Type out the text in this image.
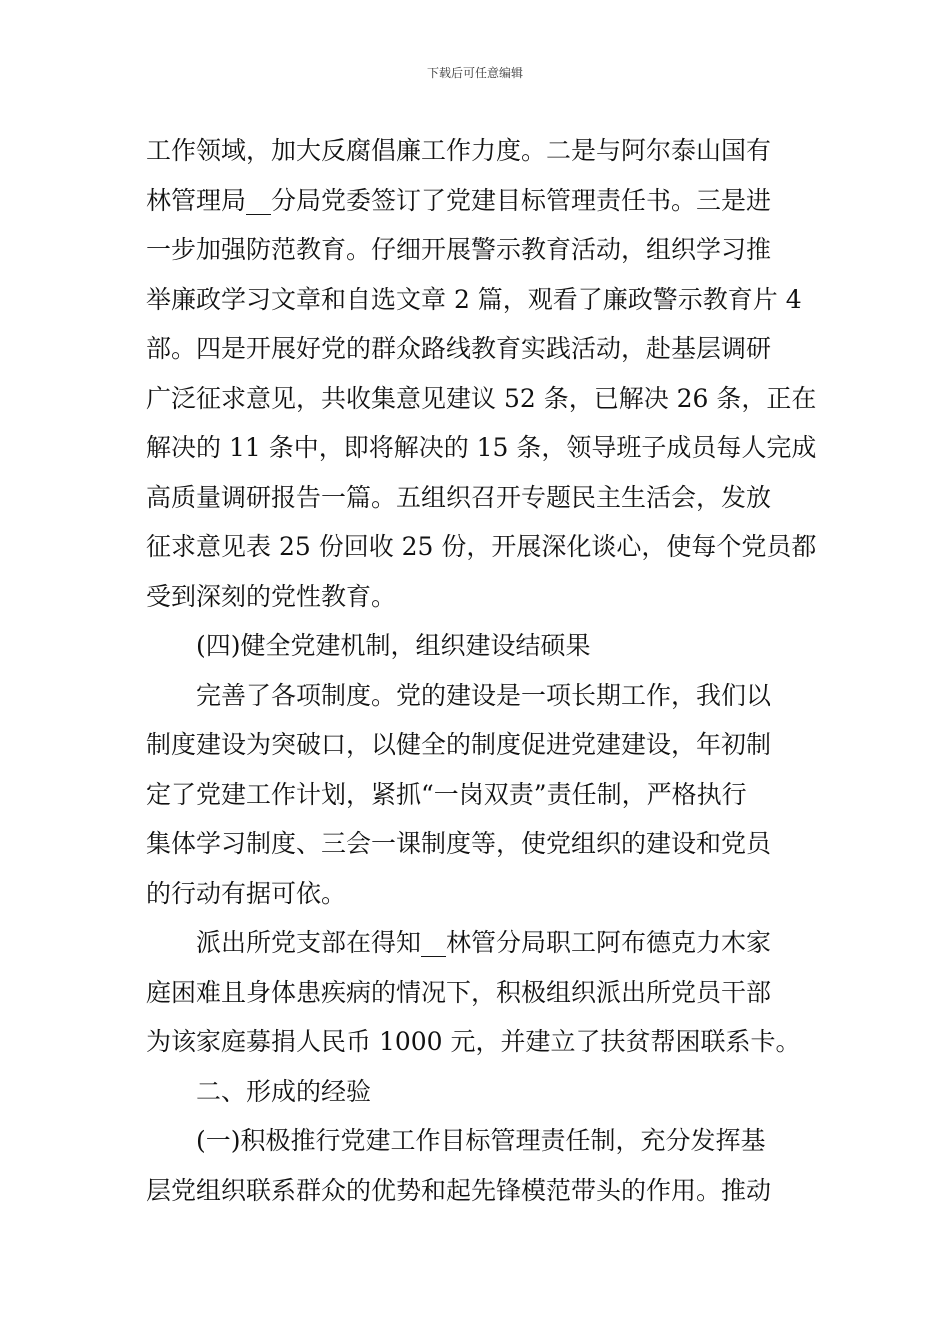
下载后可任意编辑
工作领域，加大反腐倡廉工作力度。二是与阿尔泰山国有
林管理局__分局党委签订了党建目标管理责任书。三是进
一步加强防范教育。仔细开展警示教育活动，组织学习推
举廉政学习文章和自选文章 2 篇，观看了廉政警示教育片 4
部。四是开展好党的群众路线教育实践活动，赴基层调研
广泛征求意见，共收集意见建议 52 条，已解决 26 条，正在
解决的 11 条中，即将解决的 15 条，领导班子成员每人完成
高质量调研报告一篇。五组织召开专题民主生活会，发放
征求意见表 25 份回收 25 份，开展深化谈心，使每个党员都
受到深刻的党性教育。
(四)健全党建机制，组织建设结硕果
完善了各项制度。党的建设是一项长期工作，我们以
制度建设为突破口，以健全的制度促进党建建设，年初制
定了党建工作计划，紧抓“一岗双责”责任制，严格执行
集体学习制度、三会一课制度等，使党组织的建设和党员
的行动有据可依。
派出所党支部在得知__林管分局职工阿布德克力木家
庭困难且身体患疾病的情况下，积极组织派出所党员干部
为该家庭募捐人民币 1000 元，并建立了扶贫帮困联系卡。
二、形成的经验
(一)积极推行党建工作目标管理责任制，充分发挥基
层党组织联系群众的优势和起先锋模范带头的作用。推动
